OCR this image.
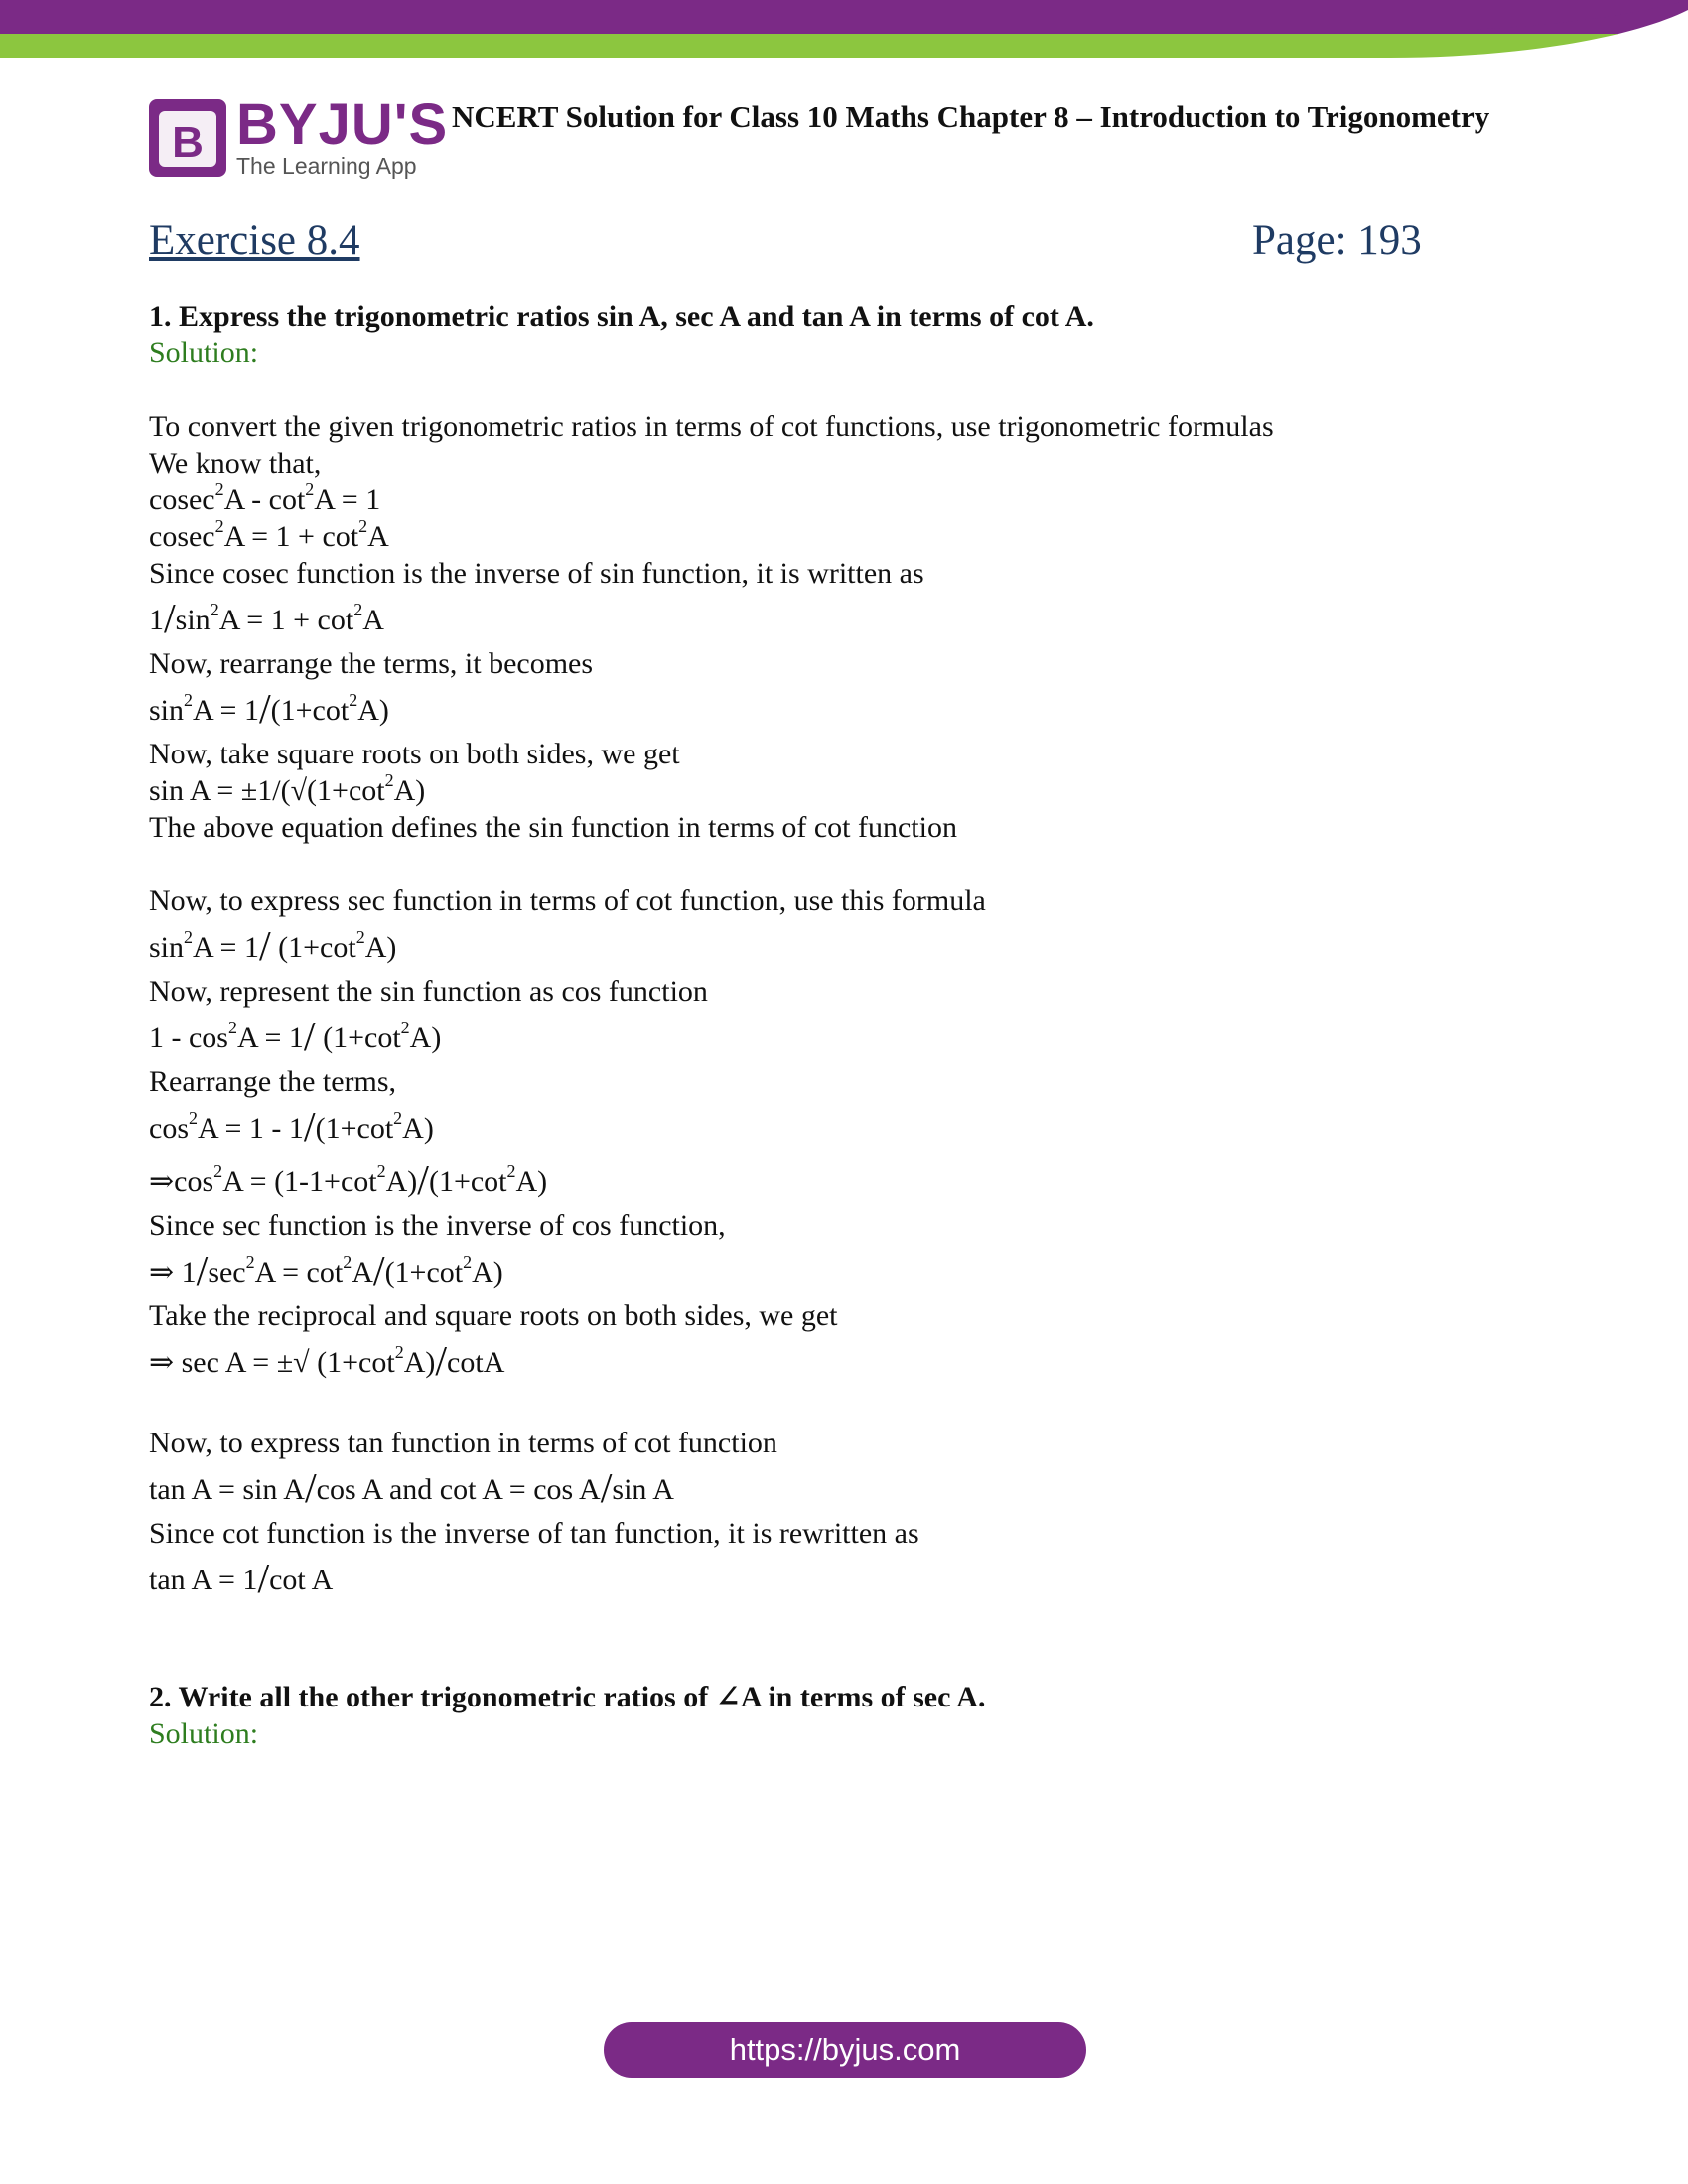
B BYJU'S
The Learning App
NCERT Solution for Class 10 Maths Chapter 8 – Introduction to Trigonometry
Exercise 8.4	Page: 193
1. Express the trigonometric ratios sin A, sec A and tan A in terms of cot A.
Solution:
To convert the given trigonometric ratios in terms of cot functions, use trigonometric formulas
We know that,
$cosec^2A - \cot^2A = 1$
$cosec^2A = 1 + \cot^2A$
Since cosec function is the inverse of sin function, it is written as
$1/\sin^2A = 1 + \cot^2A$
Now, rearrange the terms, it becomes
$\sin^2A = 1/(1+\cot^2A)$
Now, take square roots on both sides, we get
$\sin A = \pm 1/(√(1+\cot^2A)$
The above equation defines the sin function in terms of cot function
Now, to express sec function in terms of cot function, use this formula
$\sin^2A = 1/$ $(1+\cot^2A)$
Now, represent the sin function as cos function
$1 - \cos^2A = 1/$ $(1+\cot^2A)$
Rearrange the terms,
$\cos^2A = 1 - 1/(1+\cot^2A)$
$\Rightarrow\cos^2A = (1-1+\cot^2A)/(1+\cot^2A)$
Since sec function is the inverse of cos function,
⇒ $1/\sec^2A = \cot^2A/(1+\cot^2A)$
Take the reciprocal and square roots on both sides, we get
⇒ sec A = ±√ $(1+\cot^2A)$/cotA
Now, to express tan function in terms of cot function
tan A = sin A/cos A and cot A = cos A/sin A
Since cot function is the inverse of tan function, it is rewritten as
tan A = 1/cot A
2. Write all the other trigonometric ratios of ∠A in terms of sec A.
Solution:
https://byjus.com
